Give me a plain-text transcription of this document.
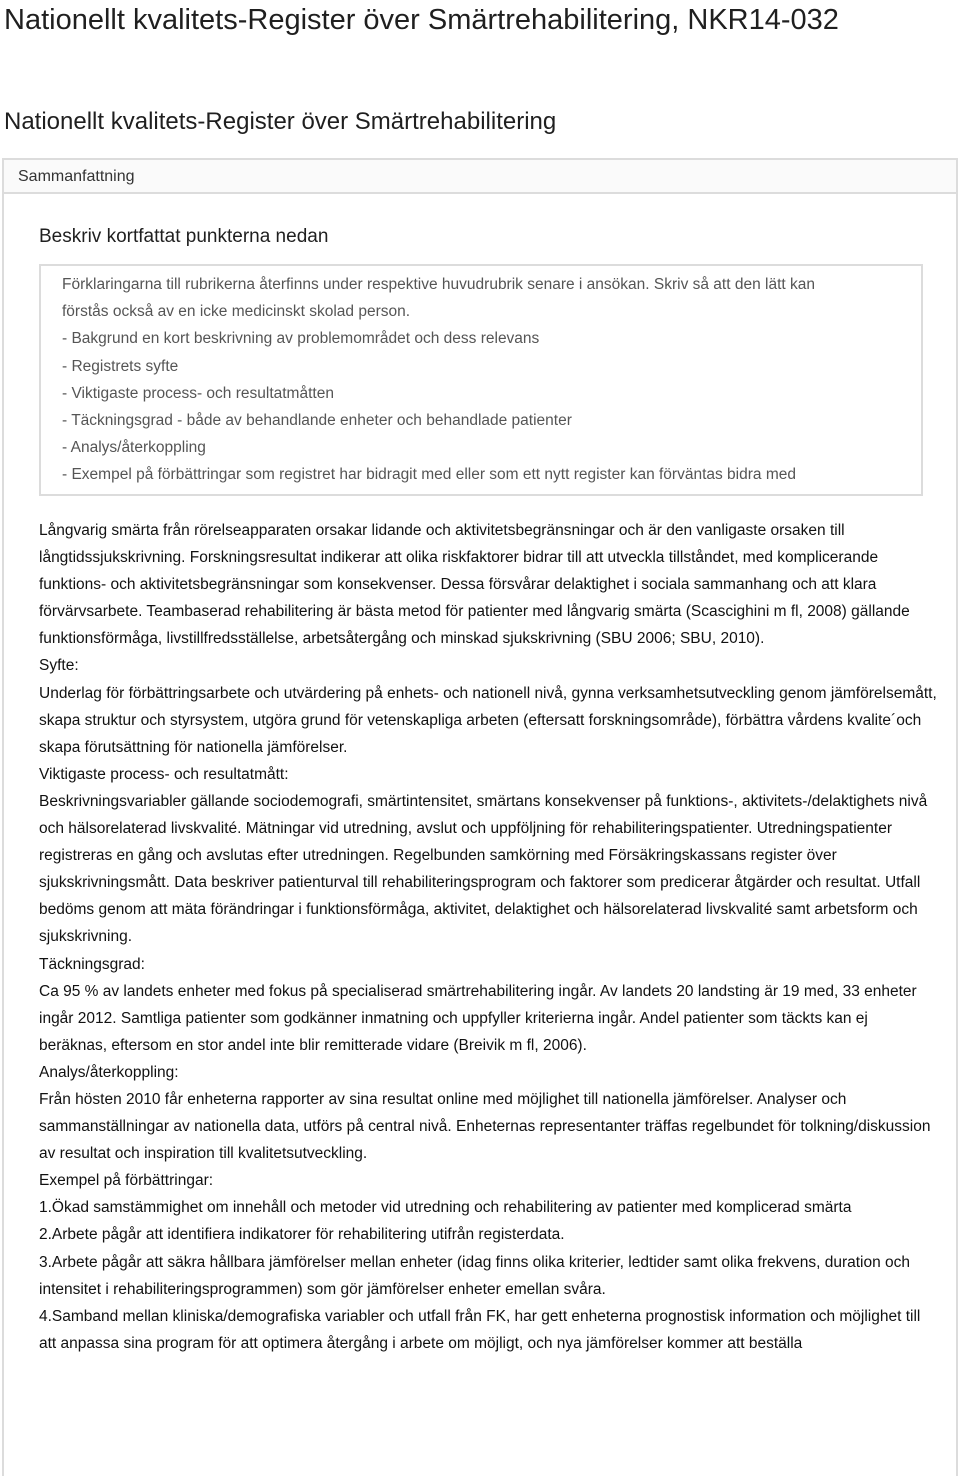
Nationellt kvalitets-Register över Smärtrehabilitering, NKR14-032
Nationellt kvalitets-Register över Smärtrehabilitering
Sammanfattning
Beskriv kortfattat punkterna nedan

Förklaringarna till rubrikerna återfinns under respektive huvudrubrik senare i ansökan. Skriv så att den lätt kan

förstås också av en icke medicinskt skolad person.

- Bakgrund en kort beskrivning av problemområdet och dess relevans

- Registrets syfte

- Viktigaste process- och resultatmåtten

- Täckningsgrad - både av behandlande enheter och behandlade patienter

- Analys/återkoppling

- Exempel på förbättringar som registret har bidragit med eller som ett nytt register kan förväntas bidra med

Långvarig smärta från rörelseapparaten orsakar lidande och aktivitetsbegränsningar och är den vanligaste orsaken till långtidssjukskrivning. Forskningsresultat indikerar att olika riskfaktorer bidrar till att utveckla tillståndet, med komplicerande funktions- och aktivitetsbegränsningar som konsekvenser. Dessa försvårar delaktighet i sociala sammanhang och att klara förvärvsarbete. Teambaserad rehabilitering är bästa metod för patienter med långvarig smärta (Scascighini m fl, 2008) gällande funktionsförmåga, livstillfredsställelse, arbetsåtergång och minskad sjukskrivning (SBU 2006; SBU, 2010).

Syfte:

Underlag för förbättringsarbete och utvärdering på enhets- och nationell nivå, gynna verksamhetsutveckling genom jämförelsemått, skapa struktur och styrsystem, utgöra grund för vetenskapliga arbeten (eftersatt forskningsområde), förbättra vårdens kvalite´och skapa förutsättning för nationella jämförelser.

Viktigaste process- och resultatmått:

Beskrivningsvariabler gällande sociodemografi, smärtintensitet, smärtans konsekvenser på funktions-, aktivitets-/delaktighets nivå och hälsorelaterad livskvalité. Mätningar vid utredning, avslut och uppföljning för rehabiliteringspatienter. Utredningspatienter registreras en gång och avslutas efter utredningen. Regelbunden samkörning med Försäkringskassans register över sjukskrivningsmått. Data beskriver patienturval till rehabiliteringsprogram och faktorer som predicerar åtgärder och resultat. Utfall bedöms genom att mäta förändringar i funktionsförmåga, aktivitet, delaktighet och hälsorelaterad livskvalité samt arbetsform och sjukskrivning.

Täckningsgrad:

Ca 95 % av landets enheter med fokus på specialiserad smärtrehabilitering ingår. Av landets 20 landsting är 19 med, 33 enheter ingår 2012. Samtliga patienter som godkänner inmatning och uppfyller kriterierna ingår. Andel patienter som täckts kan ej beräknas, eftersom en stor andel inte blir remitterade vidare (Breivik m fl, 2006).

Analys/återkoppling:

Från hösten 2010 får enheterna rapporter av sina resultat online med möjlighet till nationella jämförelser. Analyser och sammanställningar av nationella data, utförs på central nivå. Enheternas representanter träffas regelbundet för tolkning/diskussion av resultat och inspiration till kvalitetsutveckling.

Exempel på förbättringar:

1.Ökad samstämmighet om innehåll och metoder vid utredning och rehabilitering av patienter med komplicerad smärta

2.Arbete pågår att identifiera indikatorer för rehabilitering utifrån registerdata.

3.Arbete pågår att säkra hållbara jämförelser mellan enheter (idag finns olika kriterier, ledtider samt olika frekvens, duration och intensitet i rehabiliteringsprogrammen) som gör jämförelser enheter emellan svåra.

4.Samband mellan kliniska/demografiska variabler och utfall från FK, har gett enheterna prognostisk information och möjlighet till att anpassa sina program för att optimera återgång i arbete om möjligt, och nya jämförelser kommer att beställa
